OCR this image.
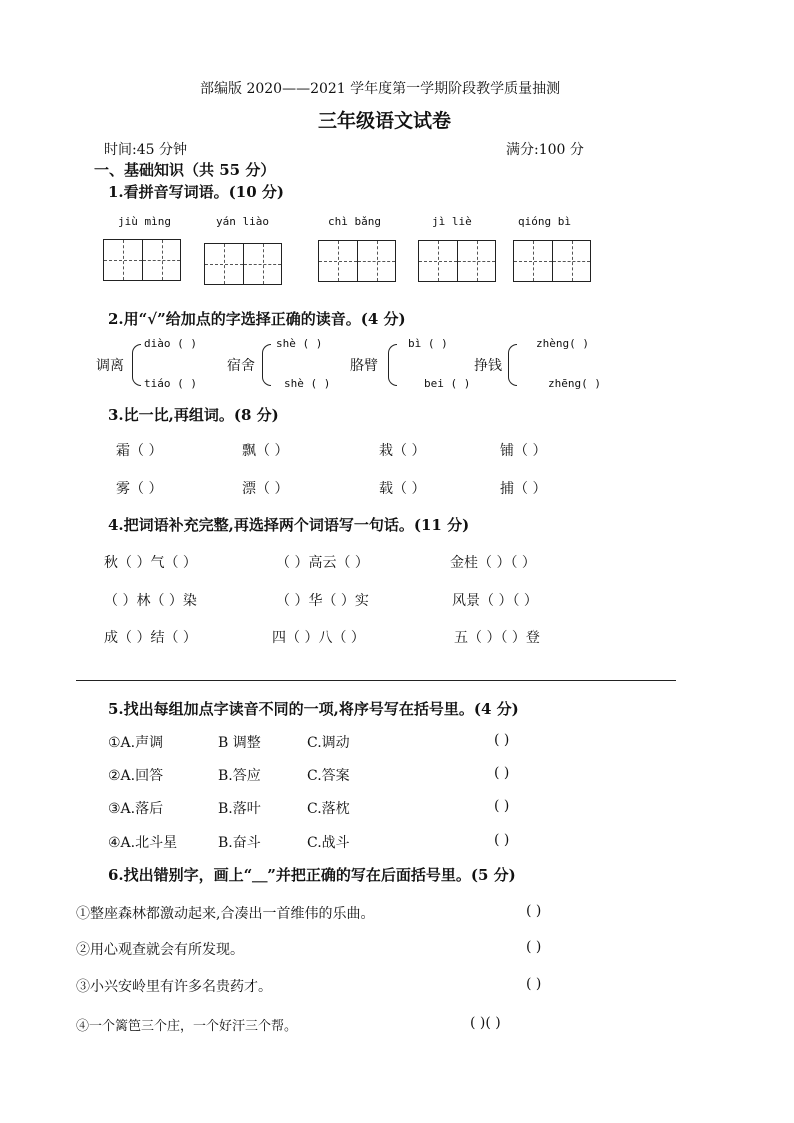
部编版 2020——2021 学年度第一学期阶段教学质量抽测
三年级语文试卷
时间:45 分钟	满分:100 分
一、基础知识（共 55 分）
1.看拼音写词语。(10 分)
jiù mìng	yán liào	chì bǎng	jì liè	qióng bì
2.用“√”给加点的字选择正确的读音。(4 分)
调离
diào ( )
tiáo ( )
宿舍
shè ( )
shè ( )
胳臂
bì ( )
bei ( )
挣钱
zhèng( )
zhēng( )
3.比一比,再组词。(8 分)
霜（ ）	飘（ ）	栽（ ）	铺（ ）
雾（ ）	漂（ ）	载（ ）	捕（ ）
4.把词语补充完整,再选择两个词语写一句话。(11 分)
秋（ ）气（ ）	（ ）高云（ ）	金桂（ ）（ ）
（ ）林（ ）染	（ ）华（ ）实	风景（ ）（ ）
成（ ）结（ ）	四（ ）八（ ）	五（ ）（ ）登
5.找出每组加点字读音不同的一项,将序号写在括号里。(4 分)
①A.声调	B 调整	C.调动	( )
②A.回答	B.答应	C.答案	( )
③A.落后	B.落叶	C.落枕	( )
④A.北斗星	B.奋斗	C.战斗	( )
6.找出错别字，画上“＿”并把正确的写在后面括号里。(5 分)
①整座森林都激动起来,合凑出一首维伟的乐曲。	( )
②用心观查就会有所发现。	( )
③小兴安岭里有许多名贵药才。	( )
④一个篱笆三个庄，一个好汗三个帮。	( )( )
